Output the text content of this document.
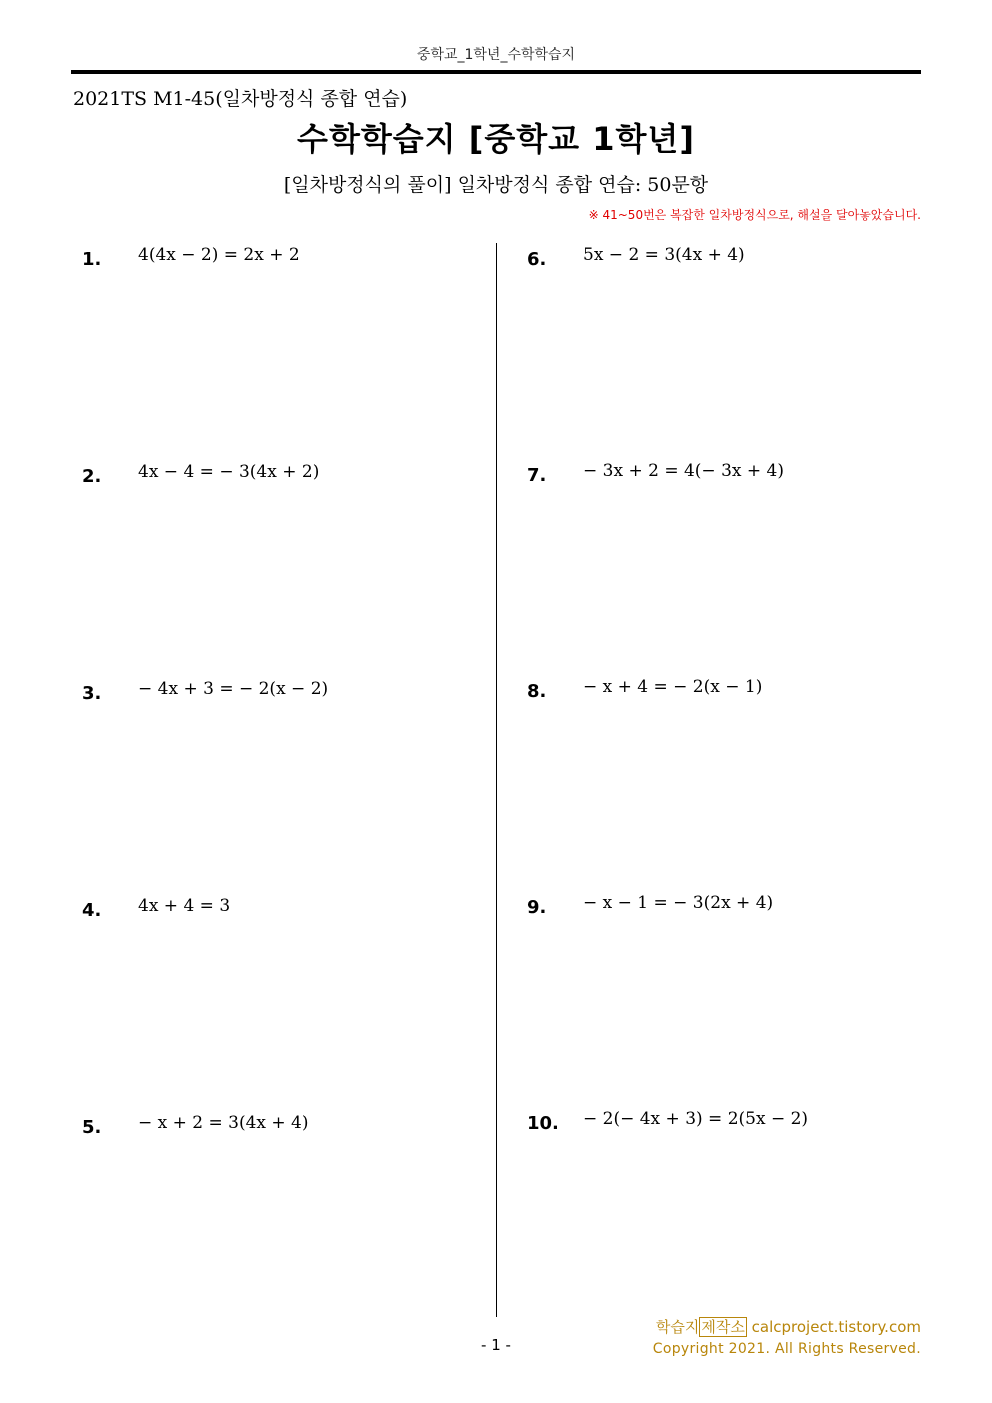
중학교_1학년_수학학습지
2021TS M1-45(일차방정식 종합 연습)
수학학습지 [중학교 1학년]
[일차방정식의 풀이] 일차방정식 종합 연습: 50문항
※ 41~50번은 복잡한 일차방정식으로, 해설을 달아놓았습니다.
1. 4(4x − 2) = 2x + 2
2. 4x − 4 = − 3(4x + 2)
3. − 4x + 3 = − 2(x − 2)
4. 4x + 4 = 3
5. − x + 2 = 3(4x + 4)
6. 5x − 2 = 3(4x + 4)
7. − 3x + 2 = 4(− 3x + 4)
8. − x + 4 = − 2(x − 1)
9. − x − 1 = − 3(2x + 4)
10. − 2(− 4x + 3) = 2(5x − 2)
학습지 제작소 calcproject.tistory.com
Copyright 2021. All Rights Reserved.
- 1 -
